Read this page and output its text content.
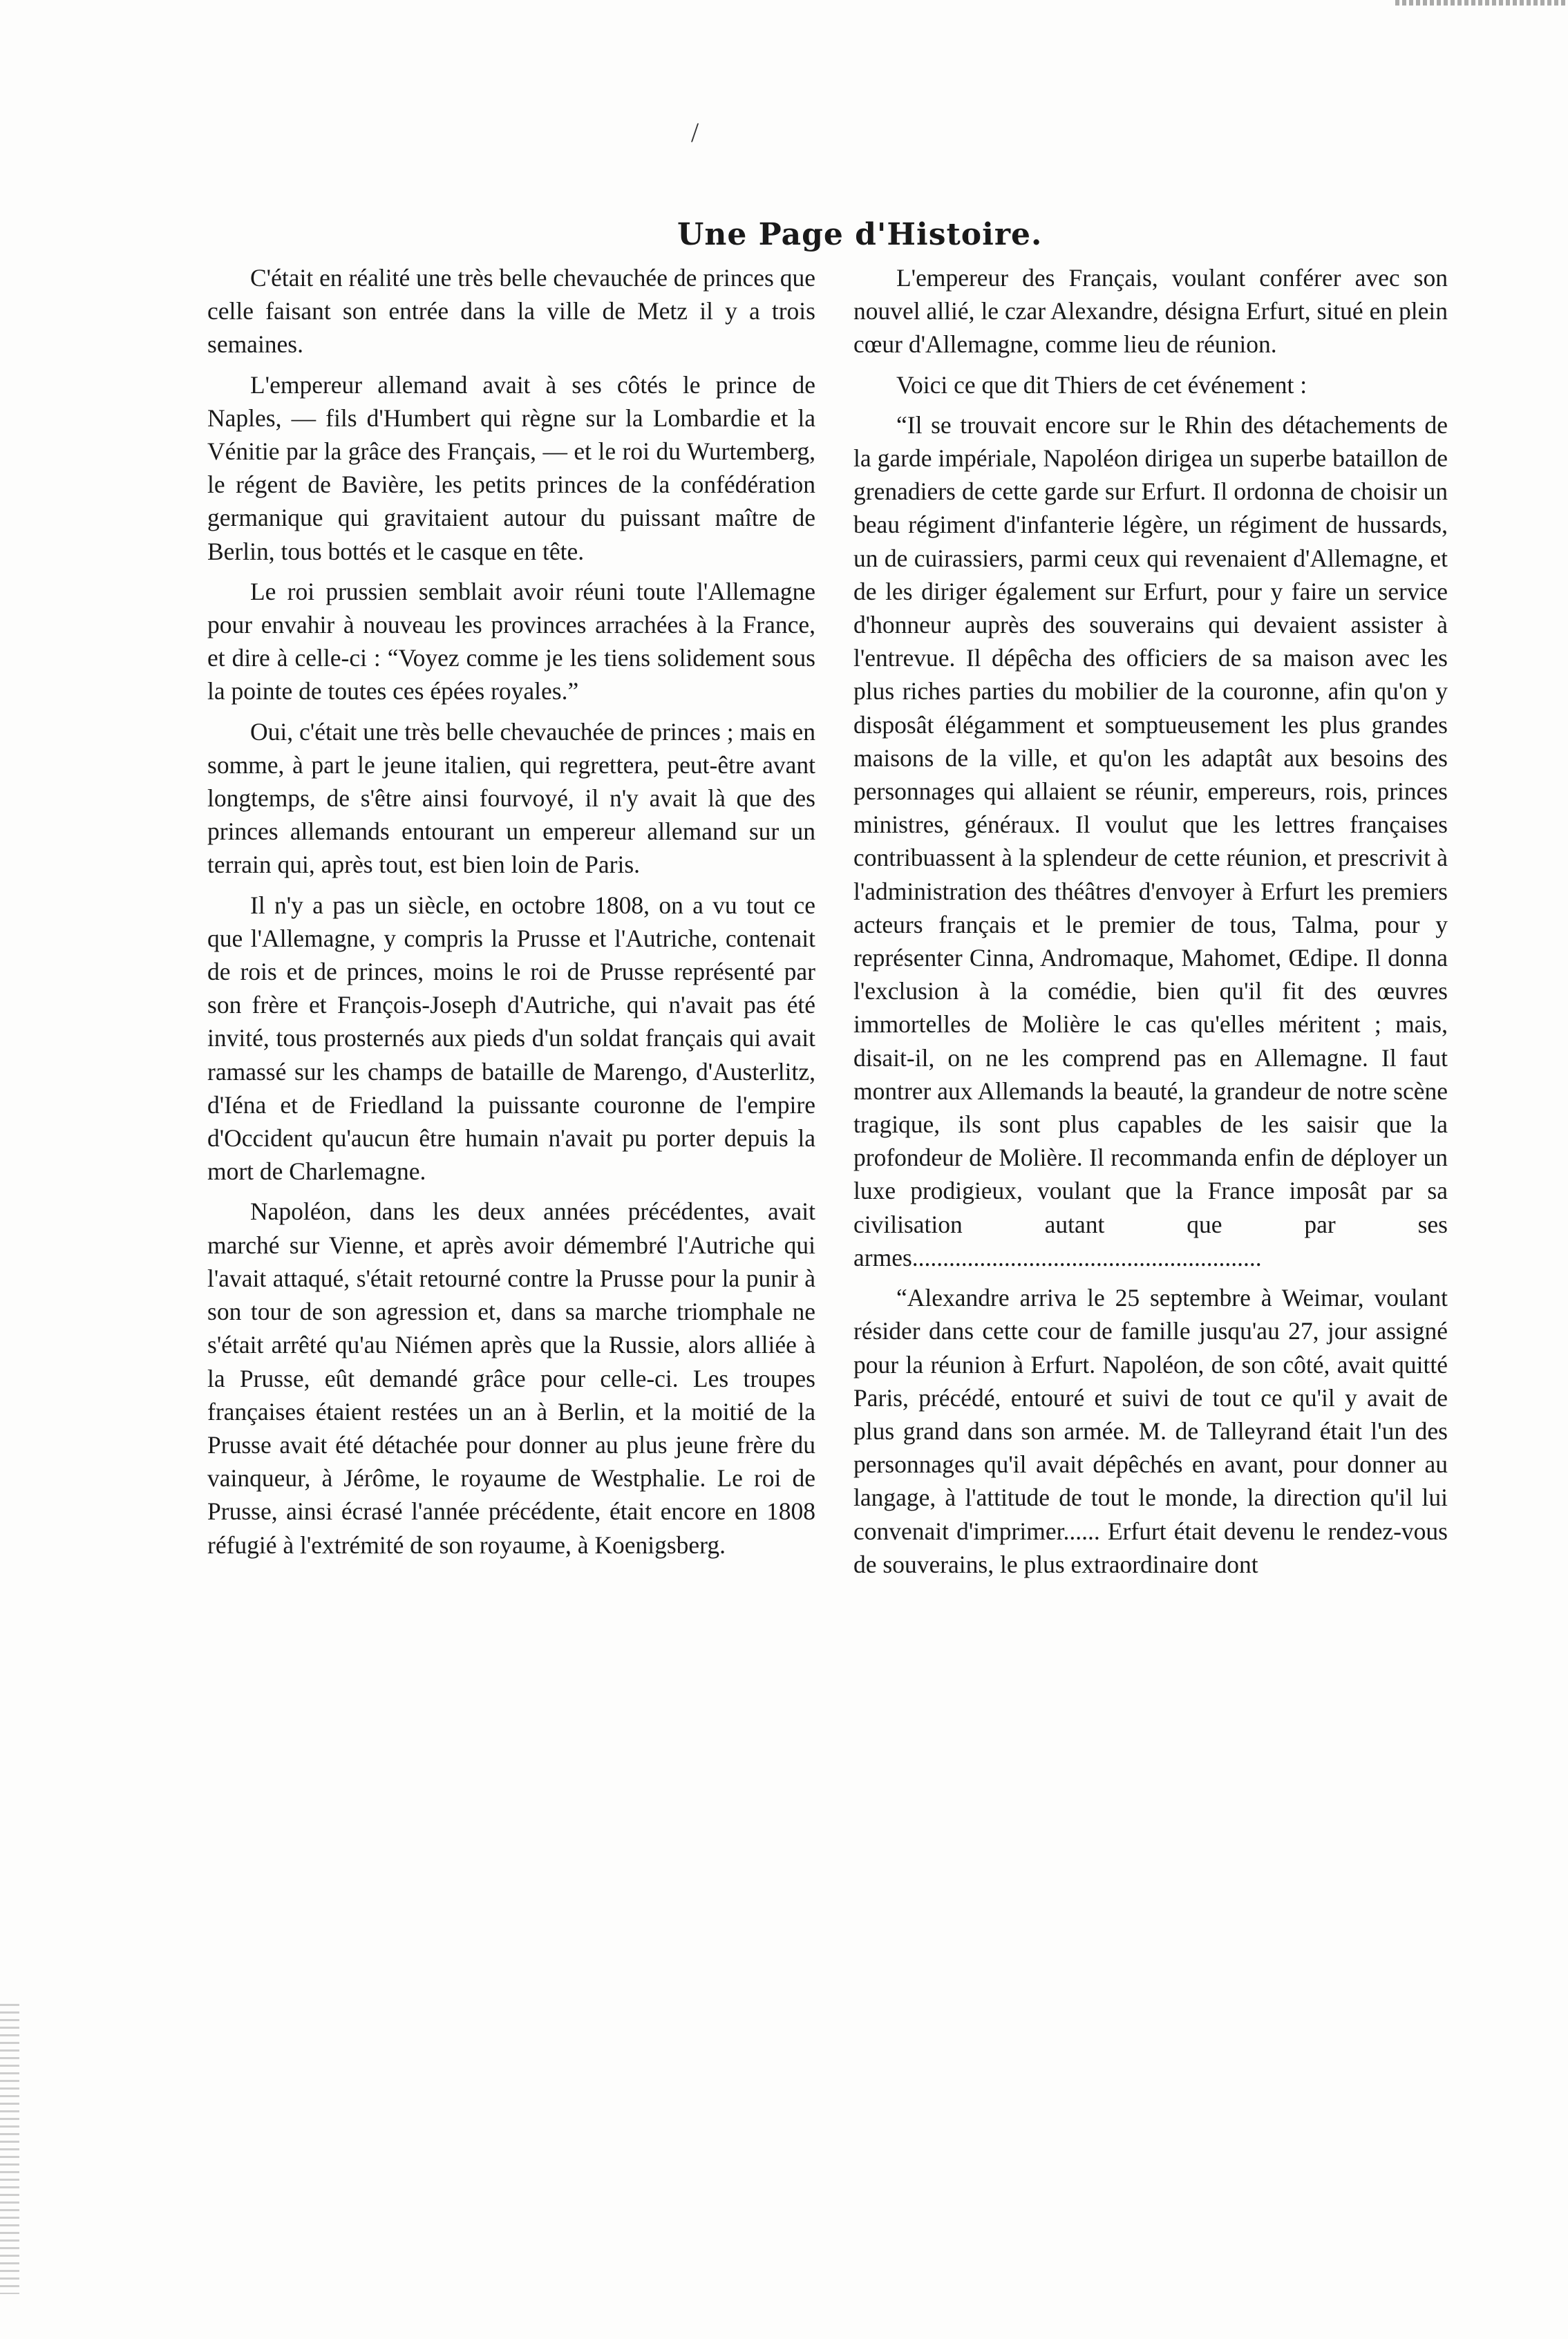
/
Une Page d'Histoire.

C'était en réalité une très belle chevauchée de princes que celle faisant son entrée dans la ville de Metz il y a trois semaines.

L'empereur allemand avait à ses côtés le prince de Naples, — fils d'Humbert qui règne sur la Lombardie et la Vénitie par la grâce des Français, — et le roi du Wurtemberg, le régent de Bavière, les petits princes de la confédération germanique qui gravitaient autour du puissant maître de Berlin, tous bottés et le casque en tête.

Le roi prussien semblait avoir réuni toute l'Allemagne pour envahir à nouveau les provinces arrachées à la France, et dire à celle-ci : “Voyez comme je les tiens solidement sous la pointe de toutes ces épées royales.”

Oui, c'était une très belle chevauchée de princes ; mais en somme, à part le jeune italien, qui regrettera, peut-être avant longtemps, de s'être ainsi fourvoyé, il n'y avait là que des princes allemands entourant un empereur allemand sur un terrain qui, après tout, est bien loin de Paris.

Il n'y a pas un siècle, en octobre 1808, on a vu tout ce que l'Allemagne, y compris la Prusse et l'Autriche, contenait de rois et de princes, moins le roi de Prusse représenté par son frère et François-Joseph d'Autriche, qui n'avait pas été invité, tous prosternés aux pieds d'un soldat français qui avait ramassé sur les champs de bataille de Marengo, d'Austerlitz, d'Iéna et de Friedland la puissante couronne de l'empire d'Occident qu'aucun être humain n'avait pu porter depuis la mort de Charlemagne.

Napoléon, dans les deux années précédentes, avait marché sur Vienne, et après avoir démembré l'Autriche qui l'avait attaqué, s'était retourné contre la Prusse pour la punir à son tour de son agression et, dans sa marche triomphale ne s'était arrêté qu'au Niémen après que la Russie, alors alliée à la Prusse, eût demandé grâce pour celle-ci. Les troupes françaises étaient restées un an à Berlin, et la moitié de la Prusse avait été détachée pour donner au plus jeune frère du vainqueur, à Jérôme, le royaume de Westphalie. Le roi de Prusse, ainsi écrasé l'année précédente, était encore en 1808 réfugié à l'extrémité de son royaume, à Koenigsberg.

L'empereur des Français, voulant conférer avec son nouvel allié, le czar Alexandre, désigna Erfurt, situé en plein cœur d'Allemagne, comme lieu de réunion.

Voici ce que dit Thiers de cet événement :

“Il se trouvait encore sur le Rhin des détachements de la garde impériale, Napoléon dirigea un superbe bataillon de grenadiers de cette garde sur Erfurt. Il ordonna de choisir un beau régiment d'infanterie légère, un régiment de hussards, un de cuirassiers, parmi ceux qui revenaient d'Allemagne, et de les diriger également sur Erfurt, pour y faire un service d'honneur auprès des souverains qui devaient assister à l'entrevue. Il dépêcha des officiers de sa maison avec les plus riches parties du mobilier de la couronne, afin qu'on y disposât élégamment et somptueusement les plus grandes maisons de la ville, et qu'on les adaptât aux besoins des personnages qui allaient se réunir, empereurs, rois, princes ministres, généraux. Il voulut que les lettres françaises contribuassent à la splendeur de cette réunion, et prescrivit à l'administration des théâtres d'envoyer à Erfurt les premiers acteurs français et le premier de tous, Talma, pour y représenter Cinna, Andromaque, Mahomet, Œdipe. Il donna l'exclusion à la comédie, bien qu'il fit des œuvres immortelles de Molière le cas qu'elles méritent ; mais, disait-il, on ne les comprend pas en Allemagne. Il faut montrer aux Allemands la beauté, la grandeur de notre scène tragique, ils sont plus capables de les saisir que la profondeur de Molière. Il recommanda enfin de déployer un luxe prodigieux, voulant que la France imposât par sa civilisation autant que par ses armes.........................................................

“Alexandre arriva le 25 septembre à Weimar, voulant résider dans cette cour de famille jusqu'au 27, jour assigné pour la réunion à Erfurt. Napoléon, de son côté, avait quitté Paris, précédé, entouré et suivi de tout ce qu'il y avait de plus grand dans son armée. M. de Talleyrand était l'un des personnages qu'il avait dépêchés en avant, pour donner au langage, à l'attitude de tout le monde, la direction qu'il lui convenait d'imprimer...... Erfurt était devenu le rendez-vous de souverains, le plus extraordinaire dont
